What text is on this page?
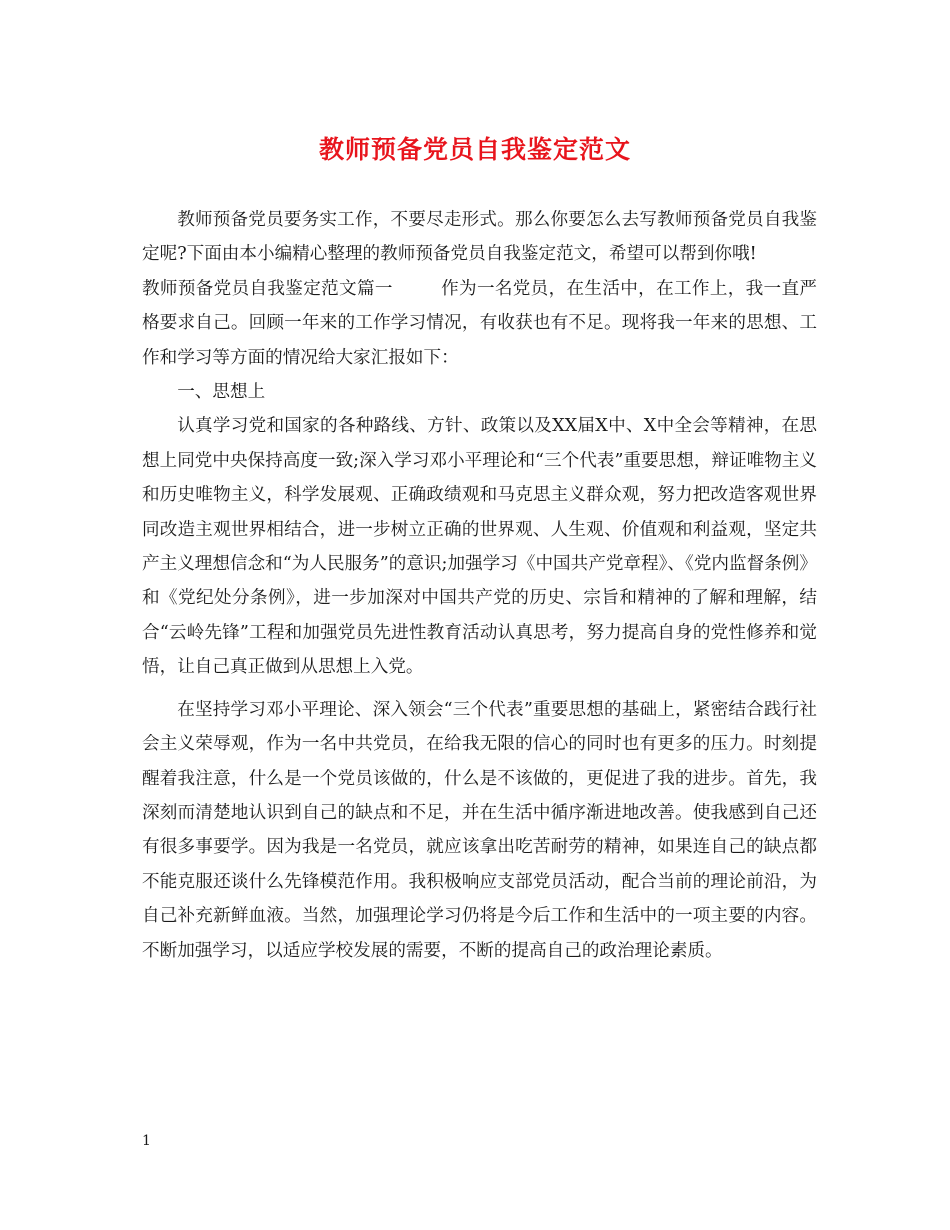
教师预备党员自我鉴定范文

教师预备党员要务实工作，不要尽走形式。那么你要怎么去写教师预备党员自我鉴定呢?下面由本小编精心整理的教师预备党员自我鉴定范文，希望可以帮到你哦!

教师预备党员自我鉴定范文篇一	作为一名党员，在生活中，在工作上，我一直严格要求自己。回顾一年来的工作学习情况，有收获也有不足。现将我一年来的思想、工作和学习等方面的情况给大家汇报如下：

一、思想上

认真学习党和国家的各种路线、方针、政策以及XX届X中、X中全会等精神，在思想上同党中央保持高度一致;深入学习邓小平理论和“三个代表”重要思想，辩证唯物主义和历史唯物主义，科学发展观、正确政绩观和马克思主义群众观，努力把改造客观世界同改造主观世界相结合，进一步树立正确的世界观、人生观、价值观和利益观，坚定共产主义理想信念和“为人民服务”的意识;加强学习《中国共产党章程》、《党内监督条例》和《党纪处分条例》，进一步加深对中国共产党的历史、宗旨和精神的了解和理解，结合“云岭先锋”工程和加强党员先进性教育活动认真思考，努力提高自身的党性修养和觉悟，让自己真正做到从思想上入党。

在坚持学习邓小平理论、深入领会“三个代表”重要思想的基础上，紧密结合践行社会主义荣辱观，作为一名中共党员，在给我无限的信心的同时也有更多的压力。时刻提醒着我注意，什么是一个党员该做的，什么是不该做的，更促进了我的进步。首先，我深刻而清楚地认识到自己的缺点和不足，并在生活中循序渐进地改善。使我感到自己还有很多事要学。因为我是一名党员，就应该拿出吃苦耐劳的精神，如果连自己的缺点都不能克服还谈什么先锋模范作用。我积极响应支部党员活动，配合当前的理论前沿，为自己补充新鲜血液。当然，加强理论学习仍将是今后工作和生活中的一项主要的内容。不断加强学习，以适应学校发展的需要，不断的提高自己的政治理论素质。

1
